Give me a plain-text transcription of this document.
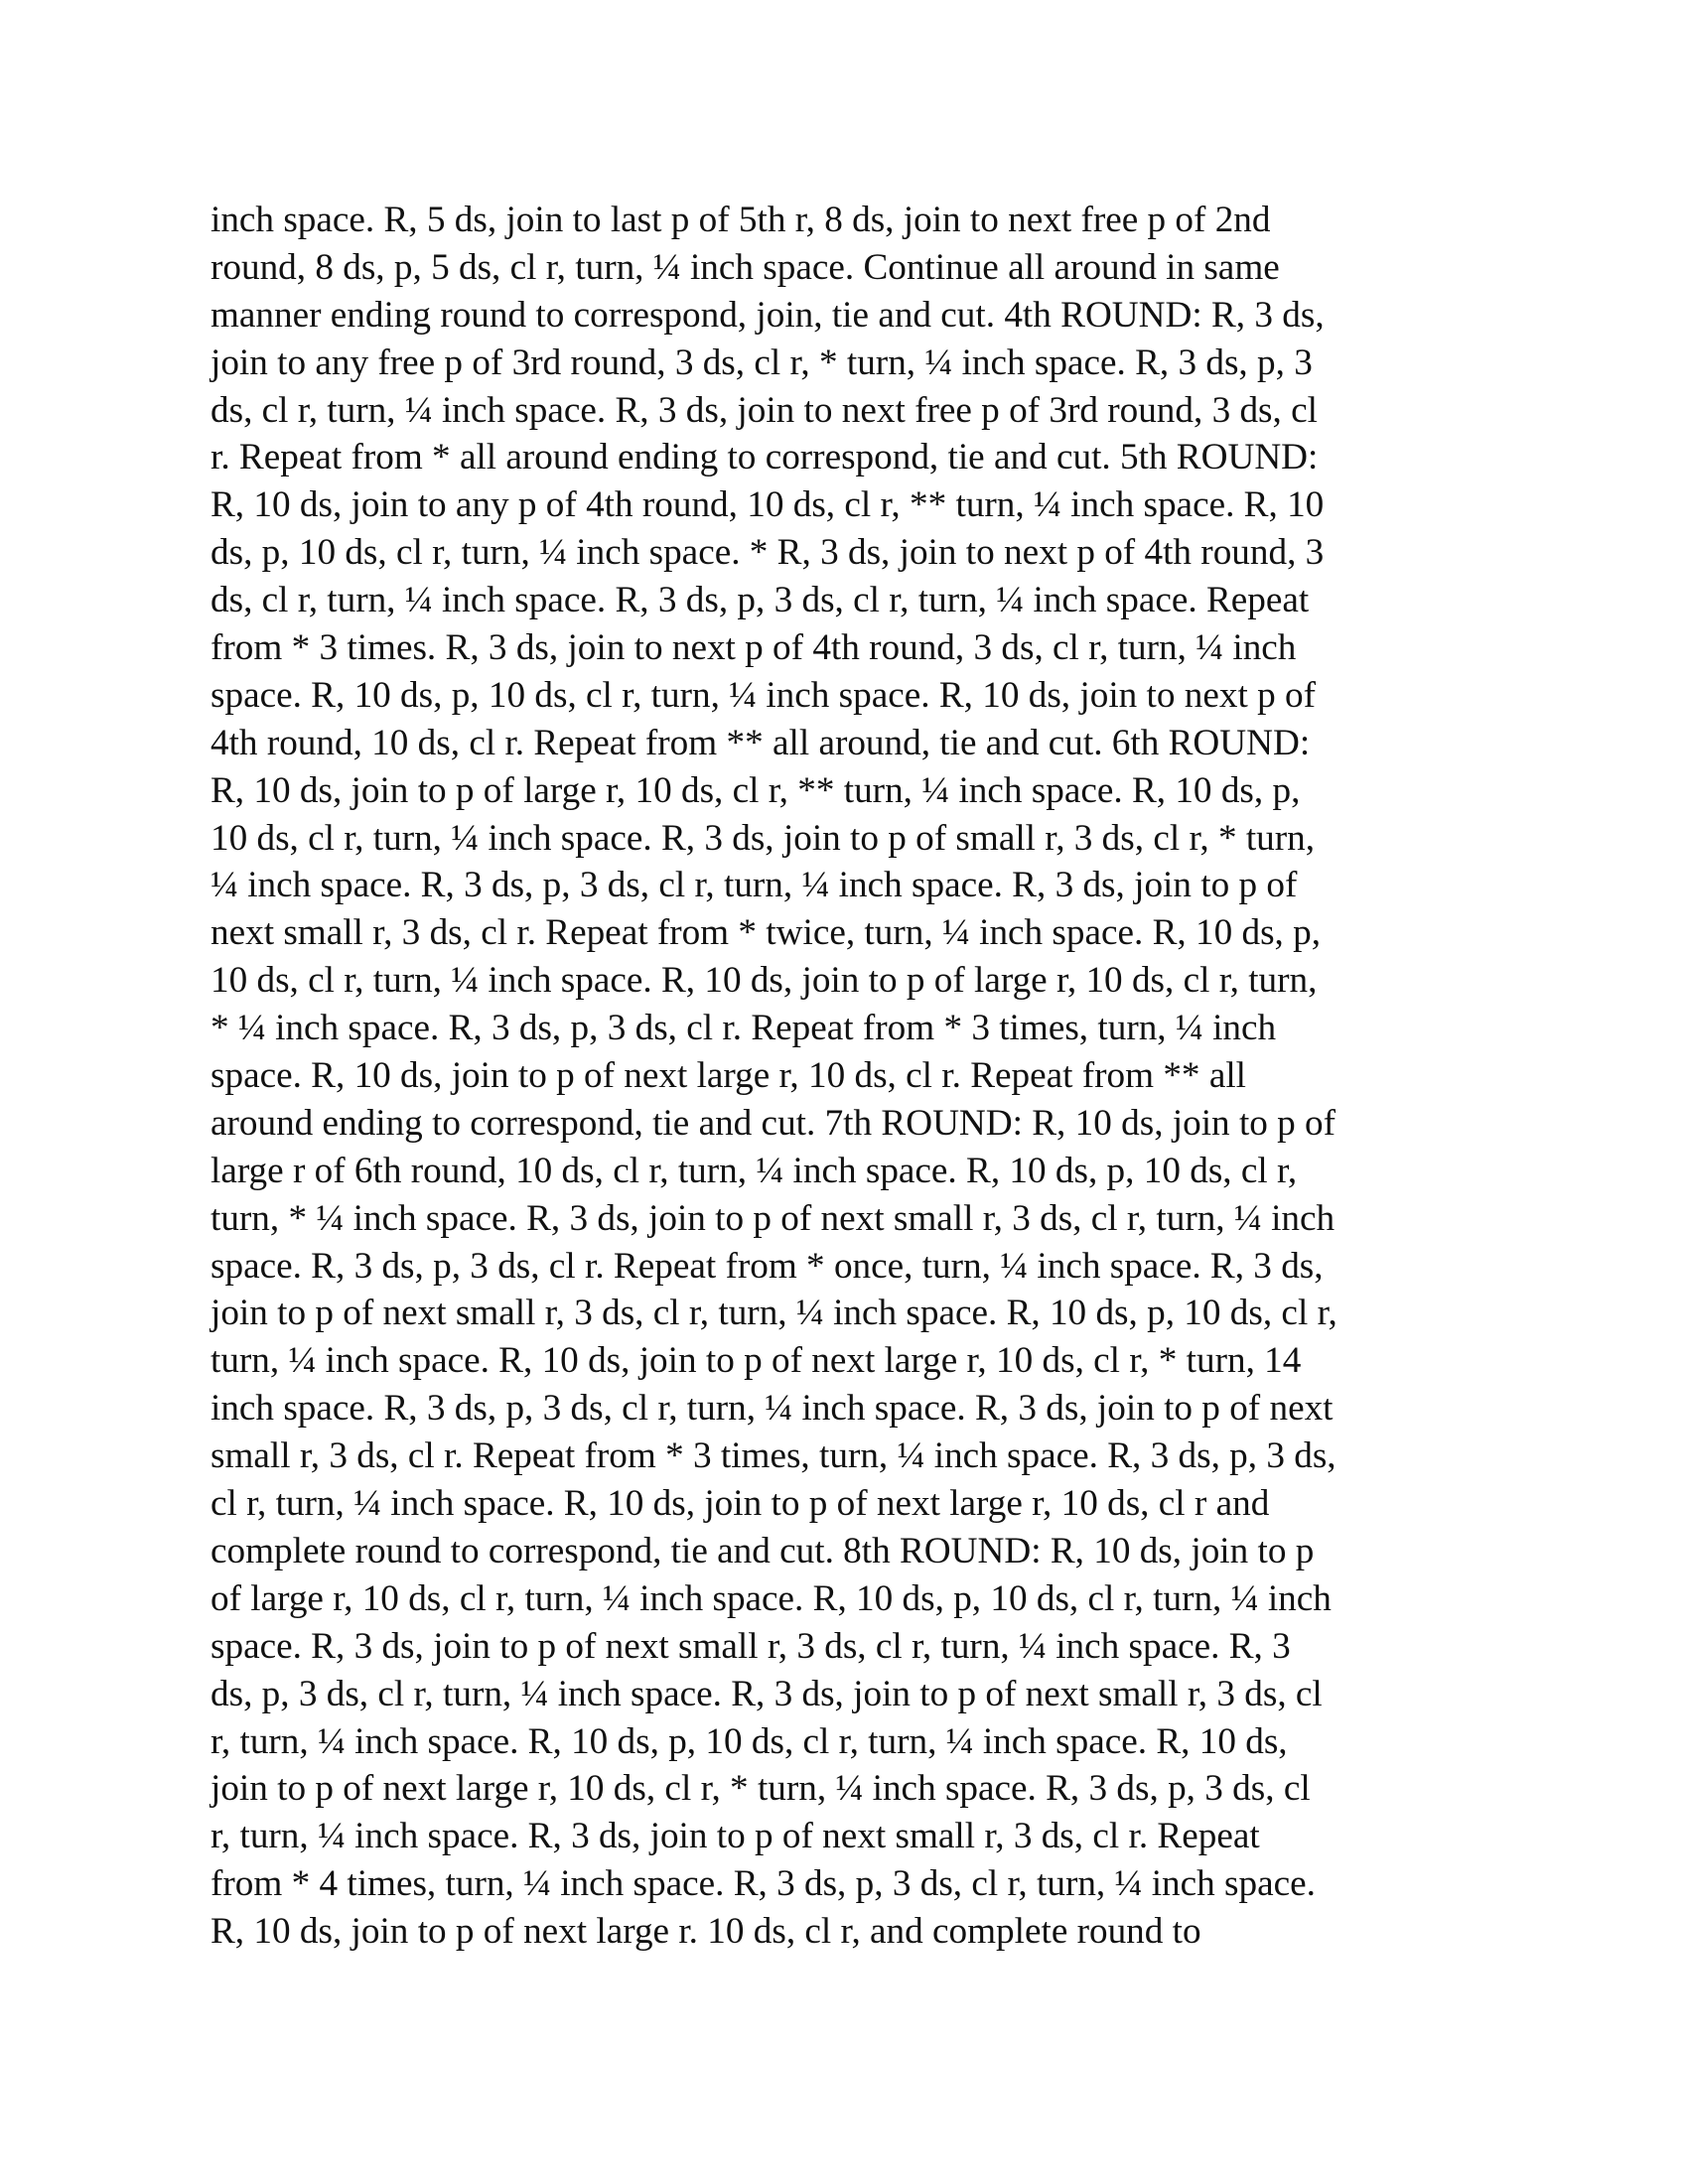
inch space. R, 5 ds, join to last p of 5th r, 8 ds, join to next free p of 2nd
round, 8 ds, p, 5 ds, cl r, turn, ¼ inch space. Continue all around in same
manner ending round to correspond, join, tie and cut. 4th ROUND: R, 3 ds,
join to any free p of 3rd round, 3 ds, cl r, * turn, ¼ inch space. R, 3 ds, p, 3
ds, cl r, turn, ¼ inch space. R, 3 ds, join to next free p of 3rd round, 3 ds, cl
r. Repeat from * all around ending to correspond, tie and cut. 5th ROUND:
R, 10 ds, join to any p of 4th round, 10 ds, cl r, ** turn, ¼ inch space. R, 10
ds, p, 10 ds, cl r, turn, ¼ inch space. * R, 3 ds, join to next p of 4th round, 3
ds, cl r, turn, ¼ inch space. R, 3 ds, p, 3 ds, cl r, turn, ¼ inch space. Repeat
from * 3 times. R, 3 ds, join to next p of 4th round, 3 ds, cl r, turn, ¼ inch
space. R, 10 ds, p, 10 ds, cl r, turn, ¼ inch space. R, 10 ds, join to next p of
4th round, 10 ds, cl r. Repeat from ** all around, tie and cut. 6th ROUND:
R, 10 ds, join to p of large r, 10 ds, cl r, ** turn, ¼ inch space. R, 10 ds, p,
10 ds, cl r, turn, ¼ inch space. R, 3 ds, join to p of small r, 3 ds, cl r, * turn,
¼ inch space. R, 3 ds, p, 3 ds, cl r, turn, ¼ inch space. R, 3 ds, join to p of
next small r, 3 ds, cl r. Repeat from * twice, turn, ¼ inch space. R, 10 ds, p,
10 ds, cl r, turn, ¼ inch space. R, 10 ds, join to p of large r, 10 ds, cl r, turn,
* ¼ inch space. R, 3 ds, p, 3 ds, cl r. Repeat from * 3 times, turn, ¼ inch
space. R, 10 ds, join to p of next large r, 10 ds, cl r. Repeat from ** all
around ending to correspond, tie and cut. 7th ROUND: R, 10 ds, join to p of
large r of 6th round, 10 ds, cl r, turn, ¼ inch space. R, 10 ds, p, 10 ds, cl r,
turn, * ¼ inch space. R, 3 ds, join to p of next small r, 3 ds, cl r, turn, ¼ inch
space. R, 3 ds, p, 3 ds, cl r. Repeat from * once, turn, ¼ inch space. R, 3 ds,
join to p of next small r, 3 ds, cl r, turn, ¼ inch space. R, 10 ds, p, 10 ds, cl r,
turn, ¼ inch space. R, 10 ds, join to p of next large r, 10 ds, cl r, * turn, 14
inch space. R, 3 ds, p, 3 ds, cl r, turn, ¼ inch space. R, 3 ds, join to p of next
small r, 3 ds, cl r. Repeat from * 3 times, turn, ¼ inch space. R, 3 ds, p, 3 ds,
cl r, turn, ¼ inch space. R, 10 ds, join to p of next large r, 10 ds, cl r and
complete round to correspond, tie and cut. 8th ROUND: R, 10 ds, join to p
of large r, 10 ds, cl r, turn, ¼ inch space. R, 10 ds, p, 10 ds, cl r, turn, ¼ inch
space. R, 3 ds, join to p of next small r, 3 ds, cl r, turn, ¼ inch space. R, 3
ds, p, 3 ds, cl r, turn, ¼ inch space. R, 3 ds, join to p of next small r, 3 ds, cl
r, turn, ¼ inch space. R, 10 ds, p, 10 ds, cl r, turn, ¼ inch space. R, 10 ds,
join to p of next large r, 10 ds, cl r, * turn, ¼ inch space. R, 3 ds, p, 3 ds, cl
r, turn, ¼ inch space. R, 3 ds, join to p of next small r, 3 ds, cl r. Repeat
from * 4 times, turn, ¼ inch space. R, 3 ds, p, 3 ds, cl r, turn, ¼ inch space.
R, 10 ds, join to p of next large r. 10 ds, cl r, and complete round to
